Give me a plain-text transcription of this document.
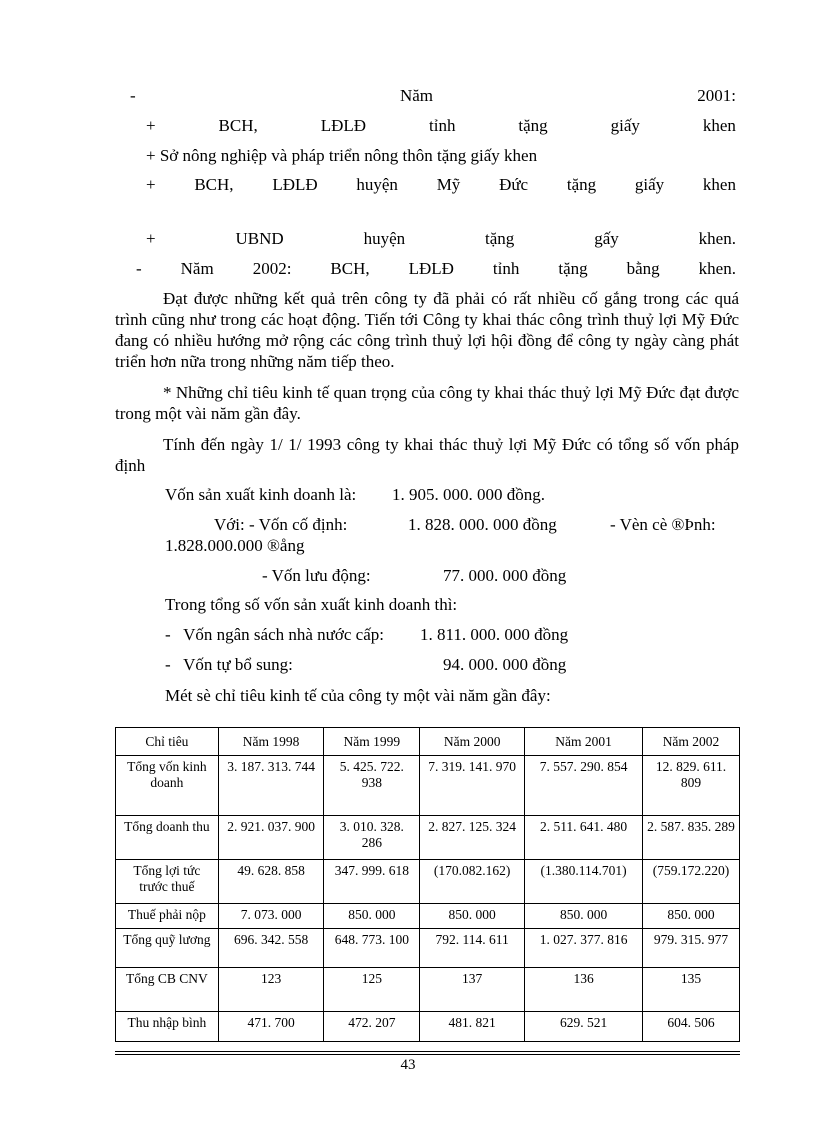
-	Năm	2001:
+	BCH,	LĐLĐ	tỉnh	tặng	giấy	khen
+ Sở nông nghiệp và pháp triển nông thôn tặng giấy khen
+ BCH, LĐLĐ huyện Mỹ Đức tặng giấy khen
+	UBND	huyện	tặng	gấy	khen.
- Năm 2002: BCH, LĐLĐ tỉnh tặng bằng khen.
Đạt được những kết quả trên công ty đã phải có rất nhiều cố gắng trong các quá trình cũng như trong các hoạt động. Tiến tới Công ty khai thác công trình thuỷ lợi Mỹ Đức đang có nhiều hướng mở rộng các công trình thuỷ lợi hội đồng để công ty ngày càng phát triển hơn nữa trong những năm tiếp theo.
* Những chỉ tiêu kinh tế quan trọng của công ty khai thác thuỷ lợi Mỹ Đức đạt được trong một vài năm gần đây.
Tính đến ngày 1/ 1/ 1993 công ty khai thác thuỷ lợi Mỹ Đức có tổng số vốn pháp định
Vốn sản xuất kinh doanh là: 1. 905. 000. 000 đồng.
Với: - Vốn cố định:	1. 828. 000. 000 đồng	- Vèn cè ®Þnh:
1.828.000.000 ®ång
- Vốn lưu động:	77. 000. 000 đồng
Trong tổng số vốn sản xuất kinh doanh thì:
-   Vốn ngân sách nhà nước cấp: 1. 811. 000. 000 đồng
-   Vốn tự bổ sung:	94. 000. 000 đồng
Mét sè chỉ tiêu kinh tế của công ty một vài năm gần đây:
Chỉ tiêu	Năm 1998	Năm 1999	Năm 2000	Năm 2001	Năm 2002
Tổng vốn kinh doanh	3. 187. 313. 744	5. 425. 722. 938	7. 319. 141. 970	7. 557. 290. 854	12. 829. 611. 809
Tổng doanh thu	2. 921. 037. 900	3. 010. 328. 286	2. 827. 125. 324	2. 511. 641. 480	2. 587. 835. 289
Tổng lợi tức trước thuế	49. 628. 858	347. 999. 618	(170.082.162)	(1.380.114.701)	(759.172.220)
Thuế phải nộp	7. 073. 000	850. 000	850. 000	850. 000	850. 000
Tổng quỹ lương	696. 342. 558	648. 773. 100	792. 114. 611	1. 027. 377. 816	979. 315. 977
Tổng CB CNV	123	125	137	136	135
Thu nhập bình	471. 700	472. 207	481. 821	629. 521	604. 506
43
